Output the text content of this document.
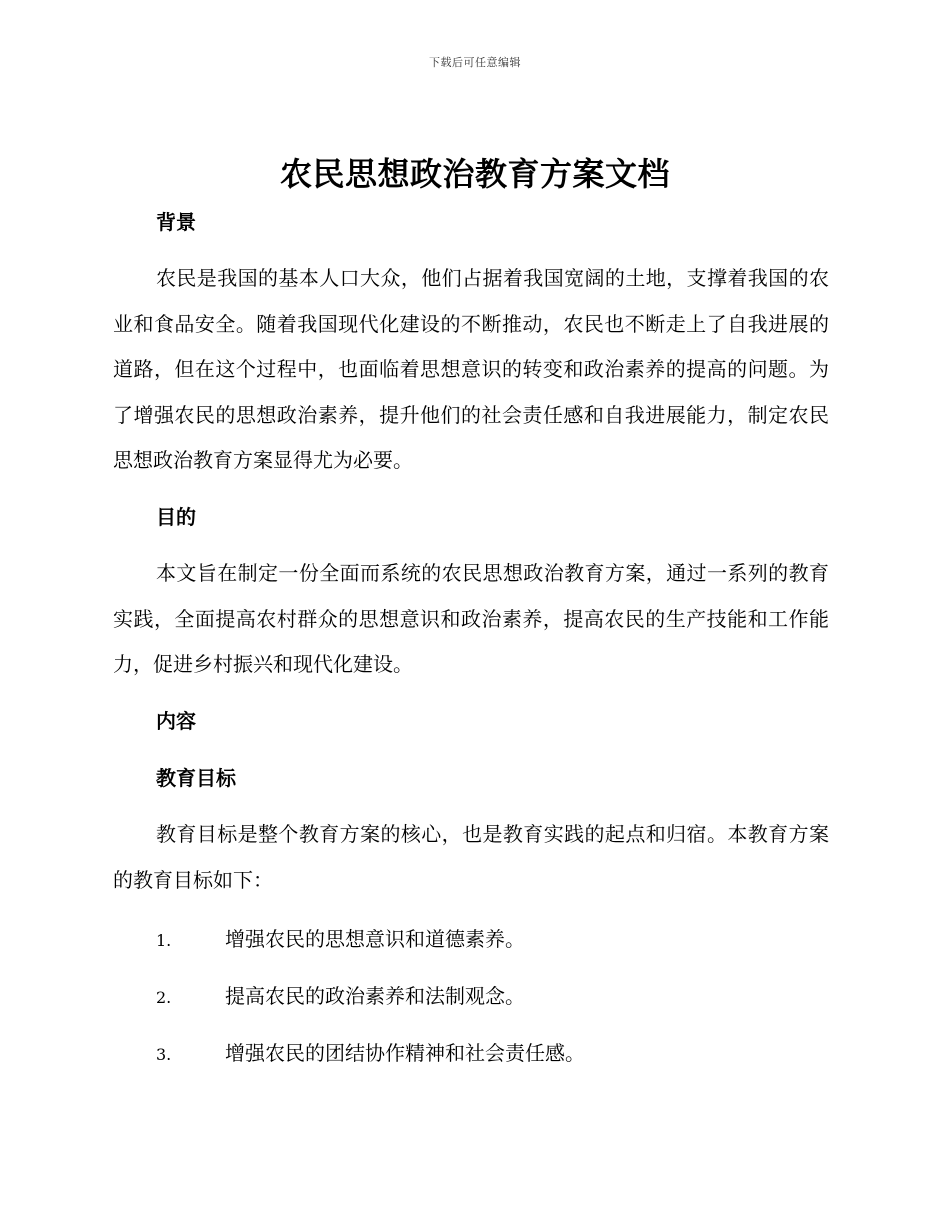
下载后可任意编辑
农民思想政治教育方案文档
背景

农民是我国的基本人口大众，他们占据着我国宽阔的土地，支撑着我国的农业和食品安全。随着我国现代化建设的不断推动，农民也不断走上了自我进展的道路，但在这个过程中，也面临着思想意识的转变和政治素养的提高的问题。为了增强农民的思想政治素养，提升他们的社会责任感和自我进展能力，制定农民思想政治教育方案显得尤为必要。

目的

本文旨在制定一份全面而系统的农民思想政治教育方案，通过一系列的教育实践，全面提高农村群众的思想意识和政治素养，提高农民的生产技能和工作能力，促进乡村振兴和现代化建设。

内容
教育目标

教育目标是整个教育方案的核心，也是教育实践的起点和归宿。本教育方案的教育目标如下：

1.	增强农民的思想意识和道德素养。
2.	提高农民的政治素养和法制观念。
3.	增强农民的团结协作精神和社会责任感。
